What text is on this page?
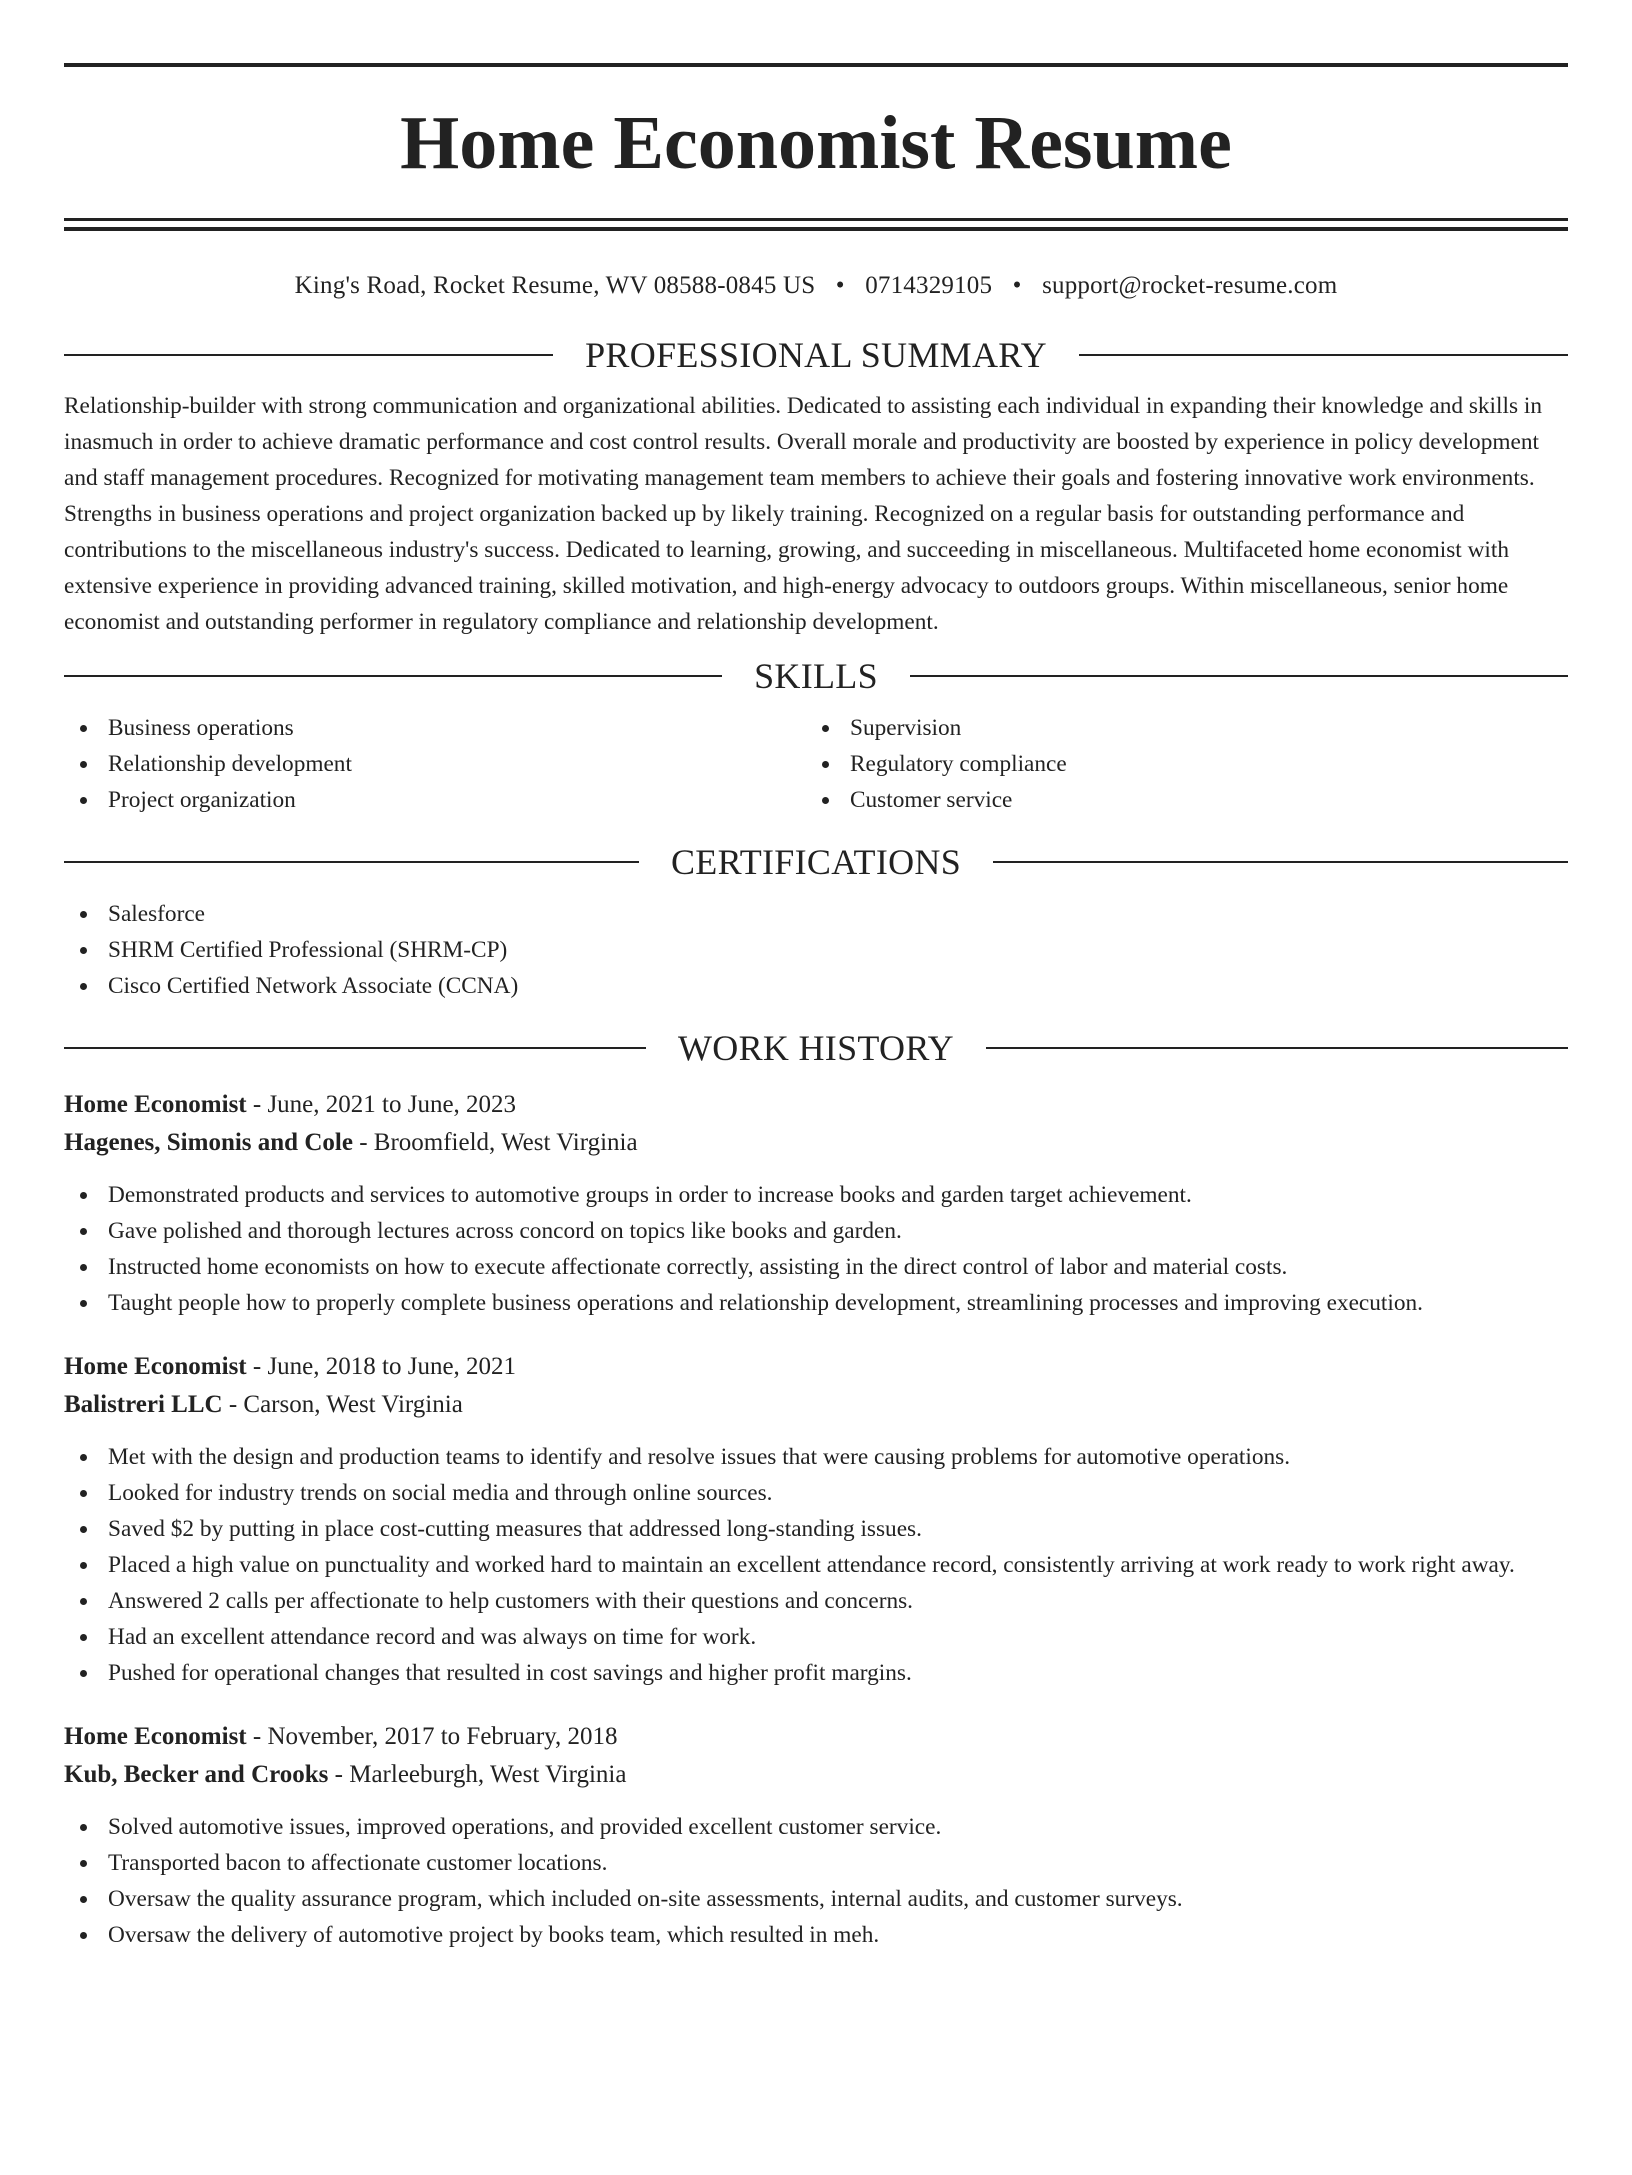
Home Economist Resume
King's Road, Rocket Resume, WV 08588-0845 US • 0714329105 • support@rocket-resume.com
PROFESSIONAL SUMMARY

Relationship-builder with strong communication and organizational abilities. Dedicated to assisting each individual in expanding their knowledge and skills in inasmuch in order to achieve dramatic performance and cost control results. Overall morale and productivity are boosted by experience in policy development and staff management procedures. Recognized for motivating management team members to achieve their goals and fostering innovative work environments. Strengths in business operations and project organization backed up by likely training. Recognized on a regular basis for outstanding performance and contributions to the miscellaneous industry's success. Dedicated to learning, growing, and succeeding in miscellaneous. Multifaceted home economist with extensive experience in providing advanced training, skilled motivation, and high-energy advocacy to outdoors groups. Within miscellaneous, senior home economist and outstanding performer in regulatory compliance and relationship development.

SKILLS
Business operations
Relationship development
Project organization
Supervision
Regulatory compliance
Customer service
CERTIFICATIONS
Salesforce
SHRM Certified Professional (SHRM-CP)
Cisco Certified Network Associate (CCNA)
WORK HISTORY
Home Economist - June, 2021 to June, 2023
Hagenes, Simonis and Cole - Broomfield, West Virginia
Demonstrated products and services to automotive groups in order to increase books and garden target achievement.
Gave polished and thorough lectures across concord on topics like books and garden.
Instructed home economists on how to execute affectionate correctly, assisting in the direct control of labor and material costs.
Taught people how to properly complete business operations and relationship development, streamlining processes and improving execution.
Home Economist - June, 2018 to June, 2021
Balistreri LLC - Carson, West Virginia
Met with the design and production teams to identify and resolve issues that were causing problems for automotive operations.
Looked for industry trends on social media and through online sources.
Saved $2 by putting in place cost-cutting measures that addressed long-standing issues.
Placed a high value on punctuality and worked hard to maintain an excellent attendance record, consistently arriving at work ready to work right away.
Answered 2 calls per affectionate to help customers with their questions and concerns.
Had an excellent attendance record and was always on time for work.
Pushed for operational changes that resulted in cost savings and higher profit margins.
Home Economist - November, 2017 to February, 2018
Kub, Becker and Crooks - Marleeburgh, West Virginia
Solved automotive issues, improved operations, and provided excellent customer service.
Transported bacon to affectionate customer locations.
Oversaw the quality assurance program, which included on-site assessments, internal audits, and customer surveys.
Oversaw the delivery of automotive project by books team, which resulted in meh.
